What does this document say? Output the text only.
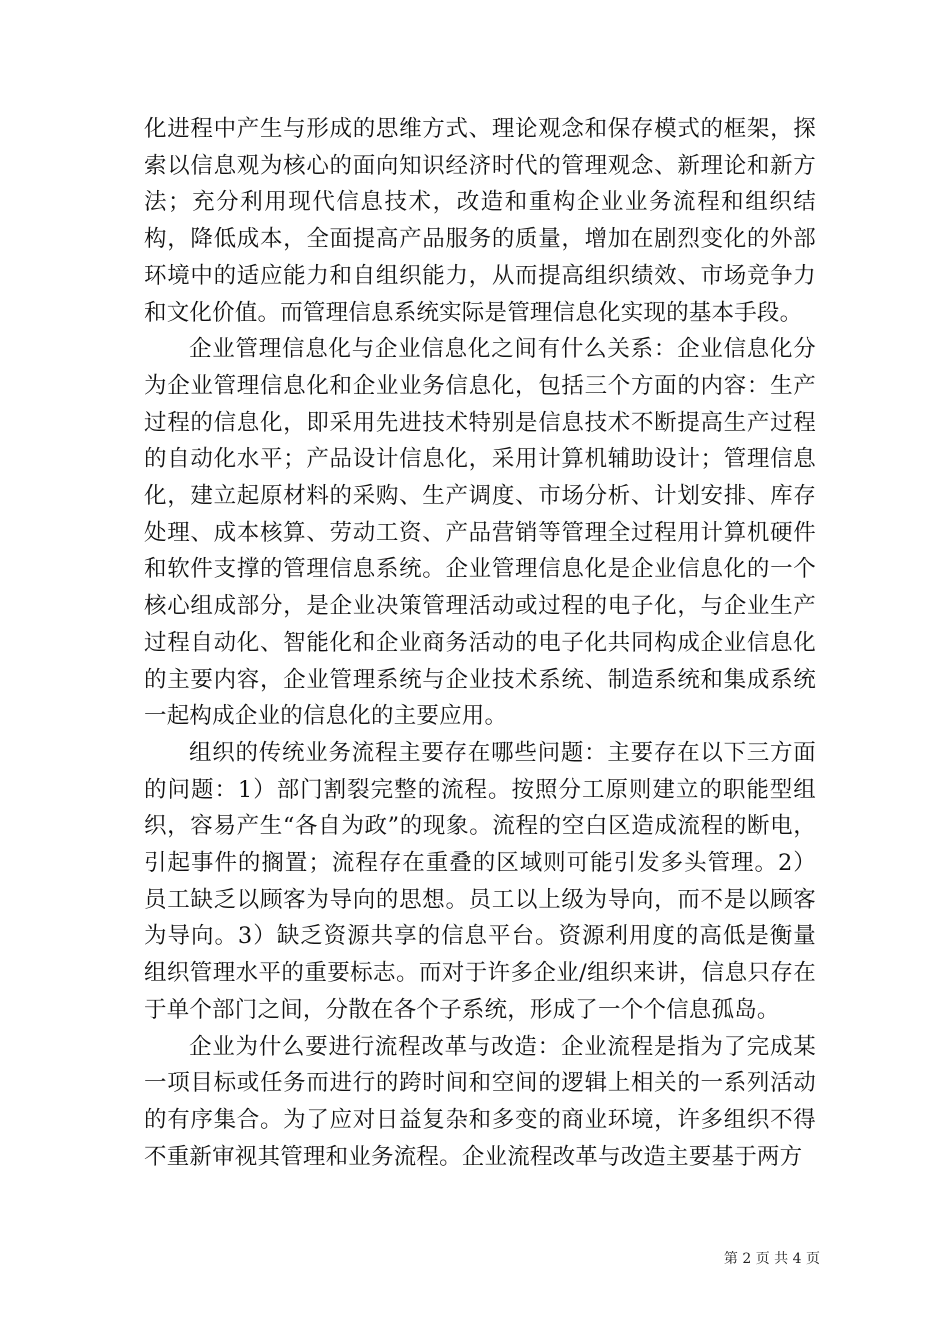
化进程中产生与形成的思维方式、理论观念和保存模式的框架，探索以信息观为核心的面向知识经济时代的管理观念、新理论和新方法；充分利用现代信息技术，改造和重构企业业务流程和组织结构，降低成本，全面提高产品服务的质量，增加在剧烈变化的外部环境中的适应能力和自组织能力，从而提高组织绩效、市场竞争力和文化价值。而管理信息系统实际是管理信息化实现的基本手段。

企业管理信息化与企业信息化之间有什么关系：企业信息化分为企业管理信息化和企业业务信息化，包括三个方面的内容：生产过程的信息化，即采用先进技术特别是信息技术不断提高生产过程的自动化水平；产品设计信息化，采用计算机辅助设计；管理信息化，建立起原材料的采购、生产调度、市场分析、计划安排、库存处理、成本核算、劳动工资、产品营销等管理全过程用计算机硬件和软件支撑的管理信息系统。企业管理信息化是企业信息化的一个核心组成部分，是企业决策管理活动或过程的电子化，与企业生产过程自动化、智能化和企业商务活动的电子化共同构成企业信息化的主要内容，企业管理系统与企业技术系统、制造系统和集成系统一起构成企业的信息化的主要应用。

组织的传统业务流程主要存在哪些问题：主要存在以下三方面的问题：1）部门割裂完整的流程。按照分工原则建立的职能型组织，容易产生“各自为政”的现象。流程的空白区造成流程的断电，引起事件的搁置；流程存在重叠的区域则可能引发多头管理。2）员工缺乏以顾客为导向的思想。员工以上级为导向，而不是以顾客为导向。3）缺乏资源共享的信息平台。资源利用度的高低是衡量组织管理水平的重要标志。而对于许多企业/组织来讲，信息只存在于单个部门之间，分散在各个子系统，形成了一个个信息孤岛。

企业为什么要进行流程改革与改造：企业流程是指为了完成某一项目标或任务而进行的跨时间和空间的逻辑上相关的一系列活动的有序集合。为了应对日益复杂和多变的商业环境，许多组织不得不重新审视其管理和业务流程。企业流程改革与改造主要基于两方

第 2 页 共 4 页
